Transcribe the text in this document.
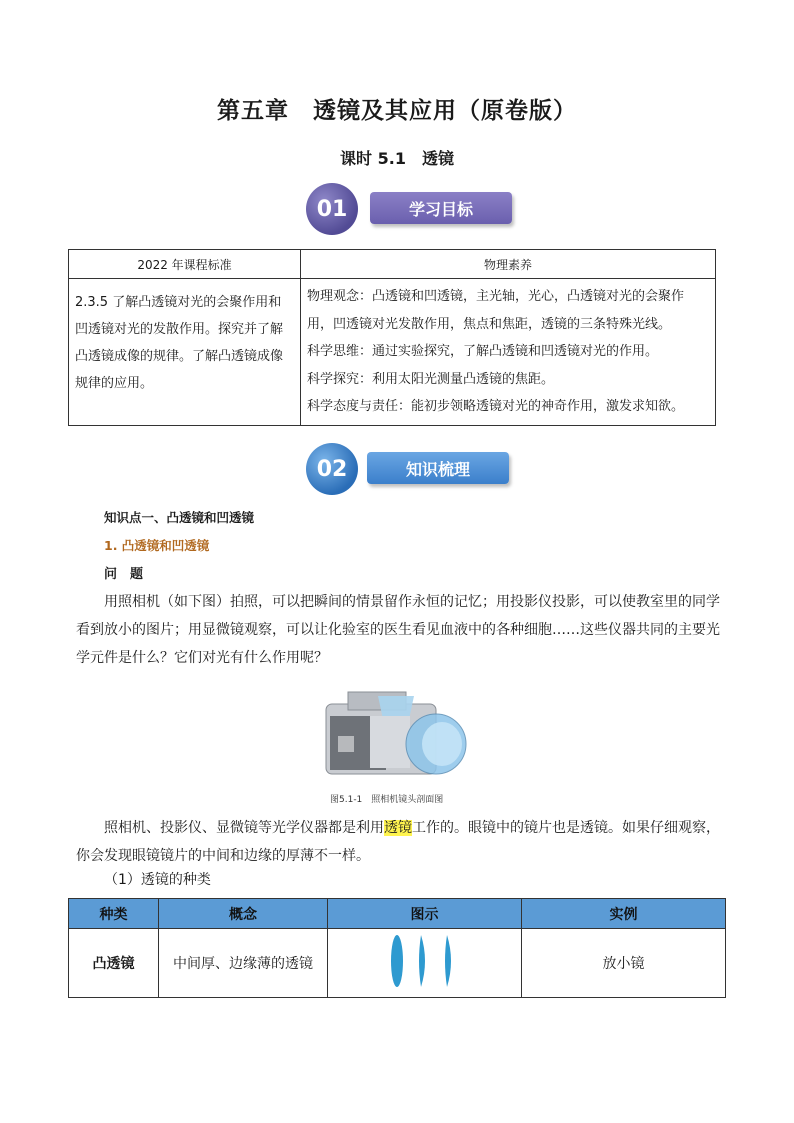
第五章　透镜及其应用（原卷版）
课时 5.1　透镜
01	学习目标
2022 年课程标准	物理素养
2.3.5 了解凸透镜对光的会聚作用和凹透镜对光的发散作用。探究并了解凸透镜成像的规律。了解凸透镜成像规律的应用。	物理观念：凸透镜和凹透镜，主光轴，光心，凸透镜对光的会聚作用，凹透镜对光发散作用，焦点和焦距，透镜的三条特殊光线。

科学思维：通过实验探究，了解凸透镜和凹透镜对光的作用。

科学探究：利用太阳光测量凸透镜的焦距。

科学态度与责任：能初步领略透镜对光的神奇作用，激发求知欲。

02	知识梳理
知识点一、凸透镜和凹透镜
1. 凸透镜和凹透镜
问　题
用照相机（如下图）拍照，可以把瞬间的情景留作永恒的记忆；用投影仪投影，可以使教室里的同学看到放小的图片；用显微镜观察，可以让化验室的医生看见血液中的各种细胞……这些仪器共同的主要光学元件是什么？它们对光有什么作用呢？
图5.1-1　照相机镜头剖面图
照相机、投影仪、显微镜等光学仪器都是利用透镜工作的。眼镜中的镜片也是透镜。如果仔细观察，你会发现眼镜镜片的中间和边缘的厚薄不一样。
（1）透镜的种类
种类	概念	图示	实例
凸透镜	中间厚、边缘薄的透镜		放小镜
